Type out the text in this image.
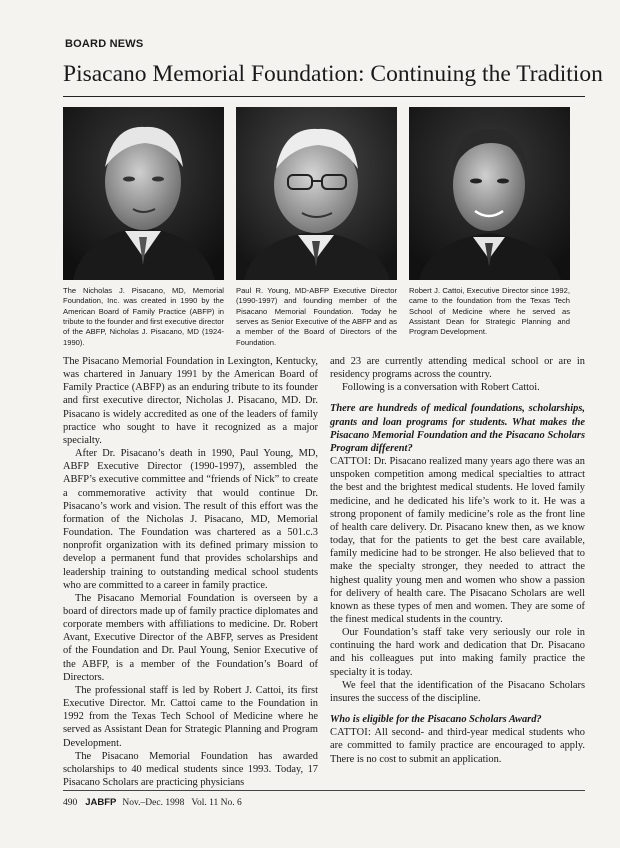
BOARD NEWS
Pisacano Memorial Foundation: Continuing the Tradition
The Nicholas J. Pisacano, MD, Memorial Foundation, Inc. was created in 1990 by the American Board of Family Practice (ABFP) in tribute to the founder and first executive director of the ABFP, Nicholas J. Pisacano, MD (1924-1990).
Paul R. Young, MD-ABFP Executive Director (1990-1997) and founding member of the Pisacano Memorial Foundation. Today he serves as Senior Executive of the ABFP and as a member of the Board of Directors of the Foundation.
Robert J. Cattoi, Executive Director since 1992, came to the foundation from the Texas Tech School of Medicine where he served as Assistant Dean for Strategic Planning and Program Development.

The Pisacano Memorial Foundation in Lexington, Kentucky, was chartered in January 1991 by the American Board of Family Practice (ABFP) as an enduring tribute to its founder and first executive director, Nicholas J. Pisacano, MD. Dr. Pisacano is widely accredited as one of the leaders of family practice who sought to have it recognized as a major specialty.

After Dr. Pisacano’s death in 1990, Paul Young, MD, ABFP Executive Director (1990-1997), assembled the ABFP’s executive committee and “friends of Nick” to create a commemorative activity that would continue Dr. Pisacano’s work and vision. The result of this effort was the formation of the Nicholas J. Pisacano, MD, Memorial Foundation. The Foundation was chartered as a 501.c.3 nonprofit organization with its defined primary mission to develop a permanent fund that provides scholarships and leadership training to outstanding medical school students who are committed to a career in family practice.

The Pisacano Memorial Foundation is overseen by a board of directors made up of family practice diplomates and corporate members with affiliations to medicine. Dr. Robert Avant, Executive Director of the ABFP, serves as President of the Foundation and Dr. Paul Young, Senior Executive of the ABFP, is a member of the Foundation’s Board of Directors.

The professional staff is led by Robert J. Cattoi, its first Executive Director. Mr. Cattoi came to the Foundation in 1992 from the Texas Tech School of Medicine where he served as Assistant Dean for Strategic Planning and Program Development.

The Pisacano Memorial Foundation has awarded scholarships to 40 medical students since 1993. Today, 17 Pisacano Scholars are practicing physicians

and 23 are currently attending medical school or are in residency programs across the country.

Following is a conversation with Robert Cattoi.

There are hundreds of medical foundations, scholarships, grants and loan programs for students. What makes the Pisacano Memorial Foundation and the Pisacano Scholars Program different?

CATTOI: Dr. Pisacano realized many years ago there was an unspoken competition among medical specialties to attract the best and the brightest medical students. He loved family medicine, and he dedicated his life’s work to it. He was a strong proponent of family medicine’s role as the front line of health care delivery. Dr. Pisacano knew then, as we know today, that for the patients to get the best care available, family medicine had to be stronger. He also believed that to make the specialty stronger, they needed to attract the highest quality young men and women who show a passion for delivery of health care. The Pisacano Scholars are well known as these types of men and women. They are some of the finest medical students in the country.

Our Foundation’s staff take very seriously our role in continuing the hard work and dedication that Dr. Pisacano and his colleagues put into making family practice the specialty it is today.

We feel that the identification of the Pisacano Scholars insures the success of the discipline.

Who is eligible for the Pisacano Scholars Award?

CATTOI: All second- and third-year medical students who are committed to family practice are encouraged to apply. There is no cost to submit an application.

490 JABFP Nov.–Dec. 1998 Vol. 11 No. 6
